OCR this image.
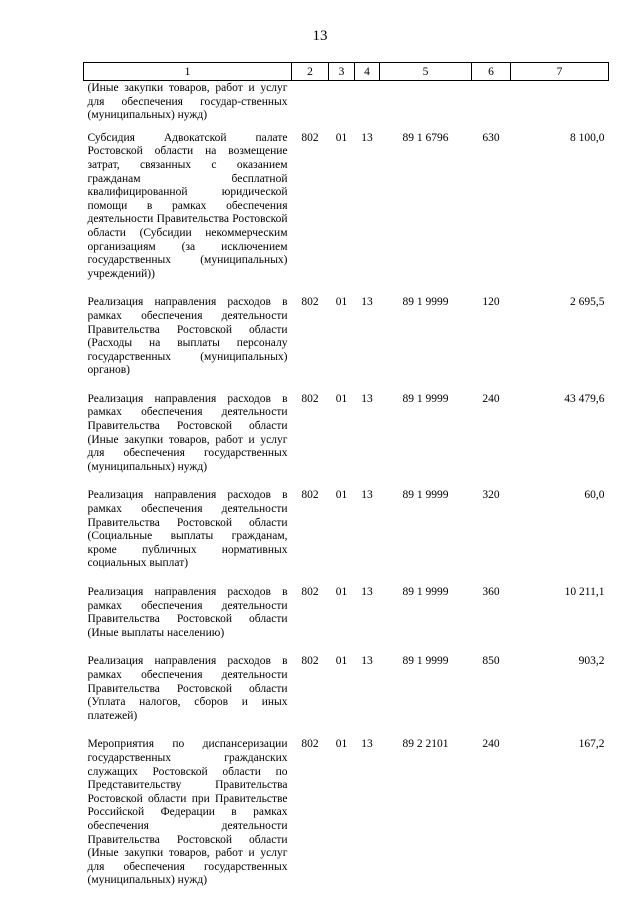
13
1	2	3	4	5	6	7
(Иные закупки товаров, работ и услуг для обеспечения государ-ственных (муниципальных) нужд)						
Субсидия Адвокатской палате Ростовской области на возмещение затрат, связанных с оказанием гражданам бесплатной квалифицированной юридической помощи в рамках обеспечения деятельности Правительства Ростовской области (Субсидии некоммерческим организациям (за исключением государственных (муниципальных) учреждений))	802	01	13	89 1 6796	630	8 100,0
Реализация направления расходов в рамках обеспечения деятельности Правительства Ростовской области (Расходы на выплаты персоналу государственных (муниципальных) органов)	802	01	13	89 1 9999	120	2 695,5
Реализация направления расходов в рамках обеспечения деятельности Правительства Ростовской области (Иные закупки товаров, работ и услуг для обеспечения государственных (муниципальных) нужд)	802	01	13	89 1 9999	240	43 479,6
Реализация направления расходов в рамках обеспечения деятельности Правительства Ростовской области (Социальные выплаты гражданам, кроме публичных нормативных социальных выплат)	802	01	13	89 1 9999	320	60,0
Реализация направления расходов в рамках обеспечения деятельности Правительства Ростовской области (Иные выплаты населению)	802	01	13	89 1 9999	360	10 211,1
Реализация направления расходов в рамках обеспечения деятельности Правительства Ростовской области (Уплата налогов, сборов и иных платежей)	802	01	13	89 1 9999	850	903,2
Мероприятия по диспансеризации государственных гражданских служащих Ростовской области по Представительству Правительства Ростовской области при Правительстве Российской Федерации в рамках обеспечения деятельности Правительства Ростовской области (Иные закупки товаров, работ и услуг для обеспечения государственных (муниципальных) нужд)	802	01	13	89 2 2101	240	167,2
